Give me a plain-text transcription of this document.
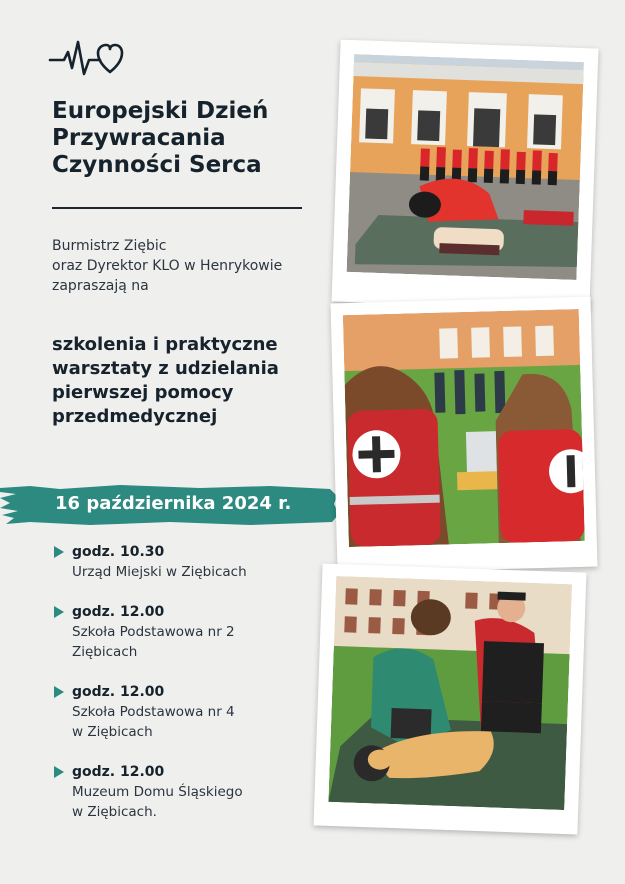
Europejski Dzień
Przywracania
Czynności Serca
Burmistrz Ziębic
oraz Dyrektor KLO w Henrykowie
zapraszają na
szkolenia i praktyczne
warsztaty z udzielania
pierwszej pomocy
przedmedycznej
16 października 2024 r.
godz. 10.30
Urząd Miejski w Ziębicach
godz. 12.00
Szkoła Podstawowa nr 2
Ziębicach
godz. 12.00
Szkoła Podstawowa nr 4
w Ziębicach
godz. 12.00
Muzeum Domu Śląskiego
w Ziębicach.
